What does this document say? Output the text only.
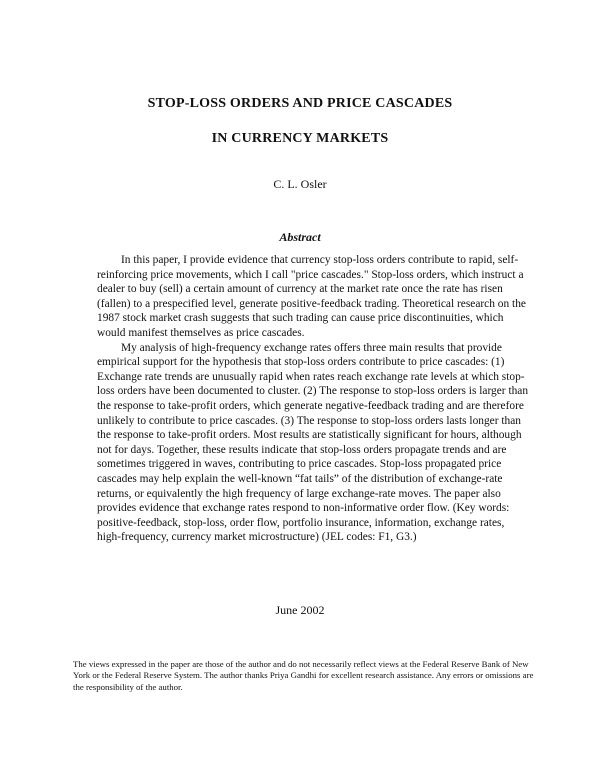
STOP-LOSS ORDERS AND PRICE CASCADES
IN CURRENCY MARKETS
C. L. Osler
Abstract

In this paper, I provide evidence that currency stop-loss orders contribute to rapid, self-reinforcing price movements, which I call "price cascades." Stop-loss orders, which instruct a dealer to buy (sell) a certain amount of currency at the market rate once the rate has risen (fallen) to a prespecified level, generate positive-feedback trading. Theoretical research on the 1987 stock market crash suggests that such trading can cause price discontinuities, which would manifest themselves as price cascades.

My analysis of high-frequency exchange rates offers three main results that provide empirical support for the hypothesis that stop-loss orders contribute to price cascades: (1) Exchange rate trends are unusually rapid when rates reach exchange rate levels at which stop-loss orders have been documented to cluster. (2) The response to stop-loss orders is larger than the response to take-profit orders, which generate negative-feedback trading and are therefore unlikely to contribute to price cascades. (3) The response to stop-loss orders lasts longer than the response to take-profit orders. Most results are statistically significant for hours, although not for days. Together, these results indicate that stop-loss orders propagate trends and are sometimes triggered in waves, contributing to price cascades. Stop-loss propagated price cascades may help explain the well-known “fat tails” of the distribution of exchange-rate returns, or equivalently the high frequency of large exchange-rate moves. The paper also provides evidence that exchange rates respond to non-informative order flow. (Key words: positive-feedback, stop-loss, order flow, portfolio insurance, information, exchange rates, high-frequency, currency market microstructure) (JEL codes: F1, G3.)

June 2002
The views expressed in the paper are those of the author and do not necessarily reflect views at the Federal Reserve Bank of New York or the Federal Reserve System. The author thanks Priya Gandhi for excellent research assistance. Any errors or omissions are the responsibility of the author.
